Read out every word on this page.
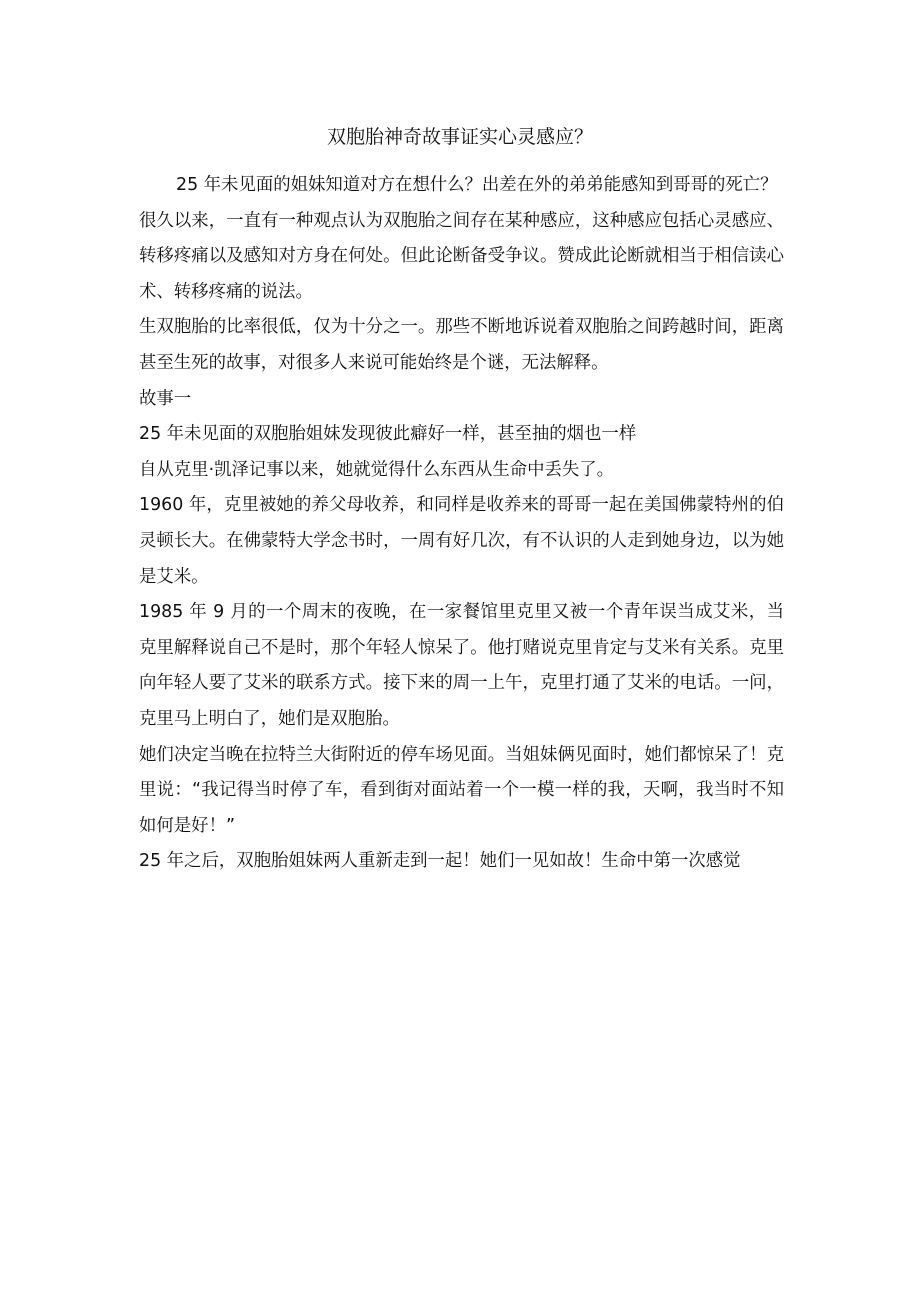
双胞胎神奇故事证实心灵感应？

25 年未见面的姐妹知道对方在想什么？出差在外的弟弟能感知到哥哥的死亡？

很久以来，一直有一种观点认为双胞胎之间存在某种感应，这种感应包括心灵感应、转移疼痛以及感知对方身在何处。但此论断备受争议。赞成此论断就相当于相信读心术、转移疼痛的说法。

生双胞胎的比率很低，仅为十分之一。那些不断地诉说着双胞胎之间跨越时间，距离甚至生死的故事，对很多人来说可能始终是个谜，无法解释。

故事一

25 年未见面的双胞胎姐妹发现彼此癖好一样，甚至抽的烟也一样

自从克里·凯泽记事以来，她就觉得什么东西从生命中丢失了。

1960 年，克里被她的养父母收养，和同样是收养来的哥哥一起在美国佛蒙特州的伯灵顿长大。在佛蒙特大学念书时，一周有好几次，有不认识的人走到她身边，以为她是艾米。

1985 年 9 月的一个周末的夜晚，在一家餐馆里克里又被一个青年误当成艾米，当克里解释说自己不是时，那个年轻人惊呆了。他打赌说克里肯定与艾米有关系。克里向年轻人要了艾米的联系方式。接下来的周一上午，克里打通了艾米的电话。一问，克里马上明白了，她们是双胞胎。

她们决定当晚在拉特兰大街附近的停车场见面。当姐妹俩见面时，她们都惊呆了！克里说：“我记得当时停了车，看到街对面站着一个一模一样的我，天啊，我当时不知如何是好！”

25 年之后，双胞胎姐妹两人重新走到一起！她们一见如故！生命中第一次感觉
